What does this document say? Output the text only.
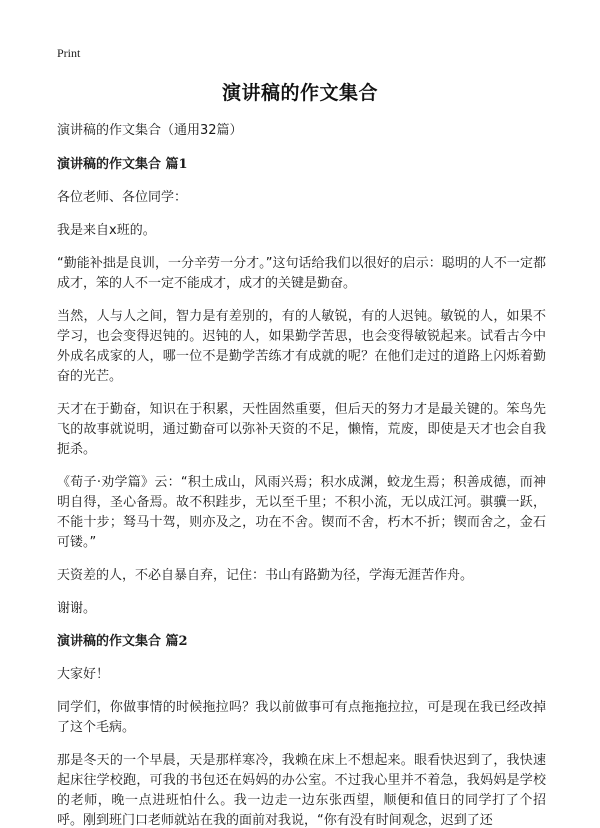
Print
演讲稿的作文集合
演讲稿的作文集合（通用32篇）
演讲稿的作文集合 篇1

各位老师、各位同学：

我是来自x班的。

“勤能补拙是良训，一分辛劳一分才。”这句话给我们以很好的启示：聪明的人不一定都成才，笨的人不一定不能成才，成才的关键是勤奋。

当然，人与人之间，智力是有差别的，有的人敏锐，有的人迟钝。敏锐的人，如果不学习，也会变得迟钝的。迟钝的人，如果勤学苦思，也会变得敏锐起来。试看古今中外成名成家的人，哪一位不是勤学苦练才有成就的呢？在他们走过的道路上闪烁着勤奋的光芒。

天才在于勤奋，知识在于积累，天性固然重要，但后天的努力才是最关键的。笨鸟先飞的故事就说明，通过勤奋可以弥补天资的不足，懒惰，荒废，即使是天才也会自我扼杀。

《荀子·劝学篇》云：“积土成山，风雨兴焉；积水成渊，蛟龙生焉；积善成德，而神明自得，圣心备焉。故不积跬步，无以至千里；不积小流，无以成江河。骐骥一跃，不能十步；驽马十驾，则亦及之，功在不舍。锲而不舍，朽木不折；锲而舍之，金石可镂。”

天资差的人，不必自暴自弃，记住：书山有路勤为径，学海无涯苦作舟。

谢谢。

演讲稿的作文集合 篇2

大家好！

同学们，你做事情的时候拖拉吗？我以前做事可有点拖拖拉拉，可是现在我已经改掉了这个毛病。

那是冬天的一个早晨，天是那样寒冷，我赖在床上不想起来。眼看快迟到了，我快速起床往学校跑，可我的书包还在妈妈的办公室。不过我心里并不着急，我妈妈是学校的老师，晚一点进班怕什么。我一边走一边东张西望，顺便和值日的同学打了个招呼。刚到班门口老师就站在我的面前对我说，“你有没有时间观念，迟到了还
